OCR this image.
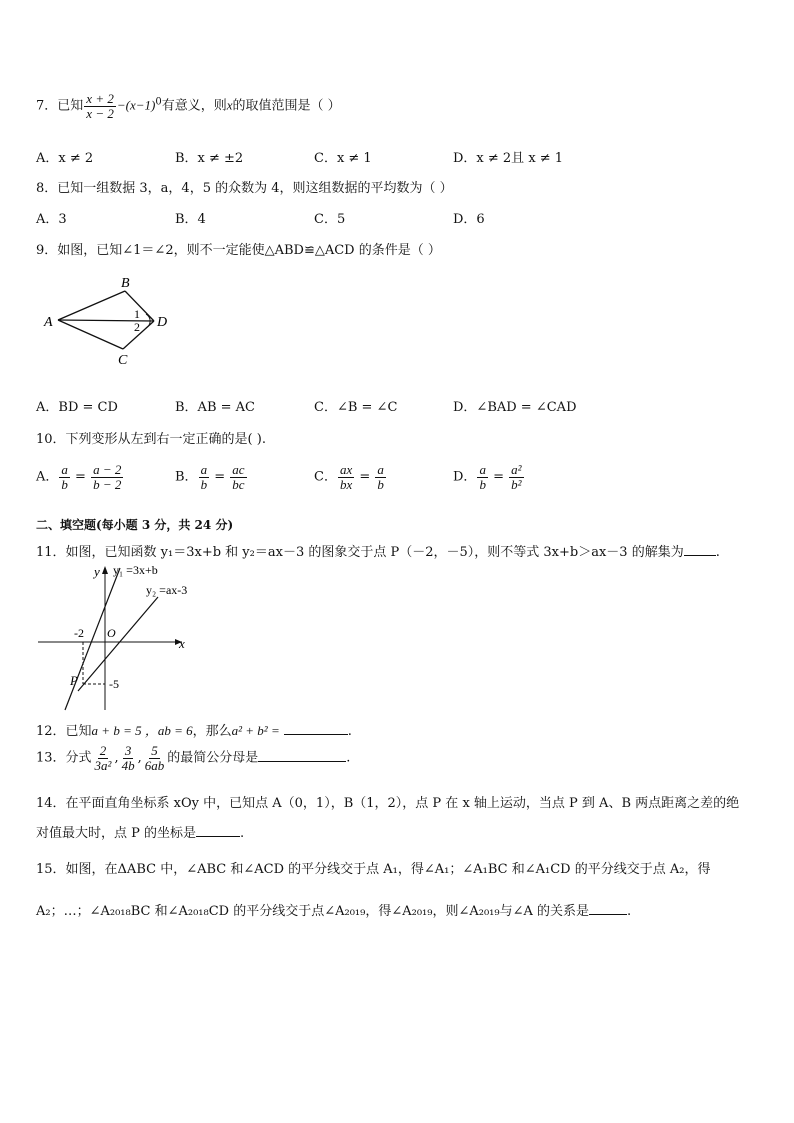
7．已知 $\frac{x + 2}{x - 2} -(x-1)^0$有意义，则x的取值范围是（ ）
A．x ≠ 2	B．x ≠ ±2	C．x ≠ 1	D．x ≠ 2且 x ≠ 1
8．已知一组数据 3，a，4，5 的众数为 4，则这组数据的平均数为（ ）
A．3	B．4	C．5	D．6
9．如图，已知∠1＝∠2，则不一定能使△ABD≌△ACD 的条件是（ ）
A
B
C
D
1
2
A．BD = CD	B．AB = AC	C．∠B = ∠C	D．∠BAD = ∠CAD
10．下列变形从左到右一定正确的是( ).
A． $\frac{a}{b} = \frac{a - 2}{b - 2}$	B． $\frac{a}{b} = \frac{ac}{bc}$	C． $\frac{ax}{bx} = \frac{a}{b}$	D． $\frac{a}{b} = \frac{\text{a²}}{\text{b²}}$
二、填空题(每小题 3 分，共 24 分)
11．如图，已知函数 y₁＝3x+b 和 y₂＝ax－3 的图象交于点 P（－2，－5），则不等式 3x+b＞ax－3 的解集为 .
y
x
y₁ =3x+b
y₂ =ax-3
O
-2
-5
P
12．已知a + b = 5 ，ab = 6，那么a² + b² =	.
13．分式 $\frac{2}{\text{3a²}}$ , $\frac{3}{4b}$ , $\frac{5}{6ab}$ 的最简公分母是	.
14．在平面直角坐标系 xOy 中，已知点 A（0，1），B（1，2），点 P 在 x 轴上运动，当点 P 到 A、B 两点距离之差的绝
对值最大时，点 P 的坐标是	.
15．如图，在ΔABC 中，∠ABC 和∠ACD 的平分线交于点 A₁，得∠A₁；∠A₁BC 和∠A₁CD 的平分线交于点 A₂，得
A₂；…；∠A₂₀₁₈BC 和∠A₂₀₁₈CD 的平分线交于点∠A₂₀₁₉，得∠A₂₀₁₉，则∠A₂₀₁₉与∠A 的关系是	.
